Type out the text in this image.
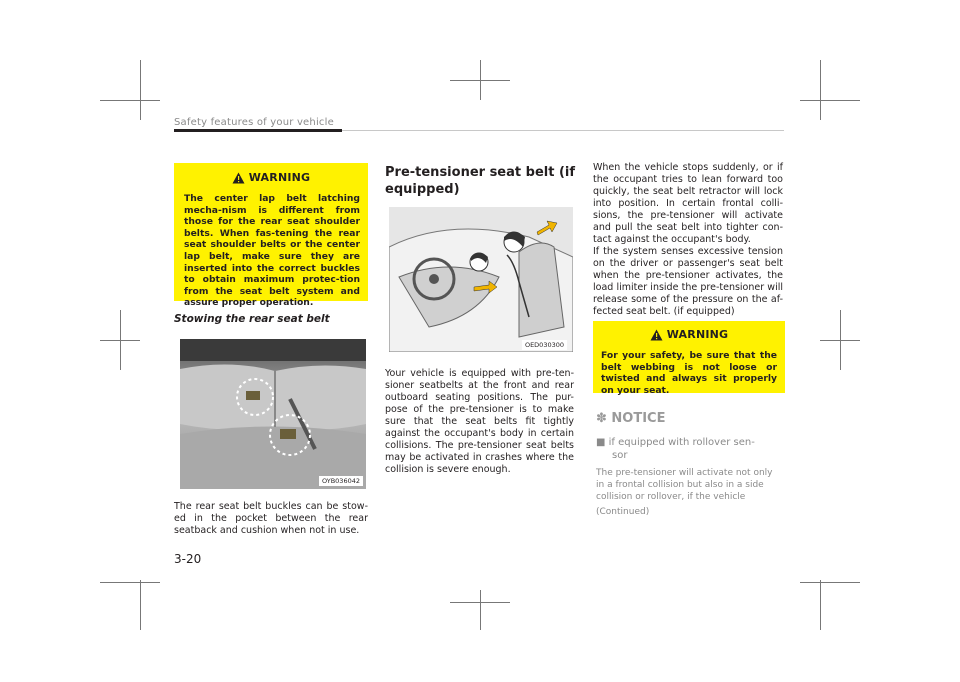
Safety features of your vehicle
WARNING
The center lap belt latching mecha-nism is different from those for the rear seat shoulder belts. When fas-tening the rear seat shoulder belts or the center lap belt, make sure they are inserted into the correct buckles to obtain maximum protec-tion from the seat belt system and assure proper operation.
Stowing the rear seat belt
OYB036042
The rear seat belt buckles can be stow-ed in the pocket between the rear seatback and cushion when not in use.
Pre-tensioner seat belt (if
equipped)
OED030300
Your vehicle is equipped with pre-ten-sioner seatbelts at the front and rear outboard seating positions. The pur-pose of the pre-tensioner is to make sure that the seat belts fit tightly against the occupant's body in certain collisions. The pre-tensioner seat belts may be activated in crashes where the collision is severe enough.
When the vehicle stops suddenly, or if the occupant tries to lean forward too quickly, the seat belt retractor will lock into position. In certain frontal colli-sions, the pre-tensioner will activate and pull the seat belt into tighter con-tact against the occupant's body.
If the system senses excessive tension on the driver or passenger's seat belt when the pre-tensioner activates, the load limiter inside the pre-tensioner will release some of the pressure on the af-fected seat belt. (if equipped)
WARNING
For your safety, be sure that the belt webbing is not loose or twisted and always sit properly on your seat.
✽ NOTICE
■ if equipped with rollover sen-
sor
The pre-tensioner will activate not only in a frontal collision but also in a side collision or rollover, if the vehicle
(Continued)
3-20
